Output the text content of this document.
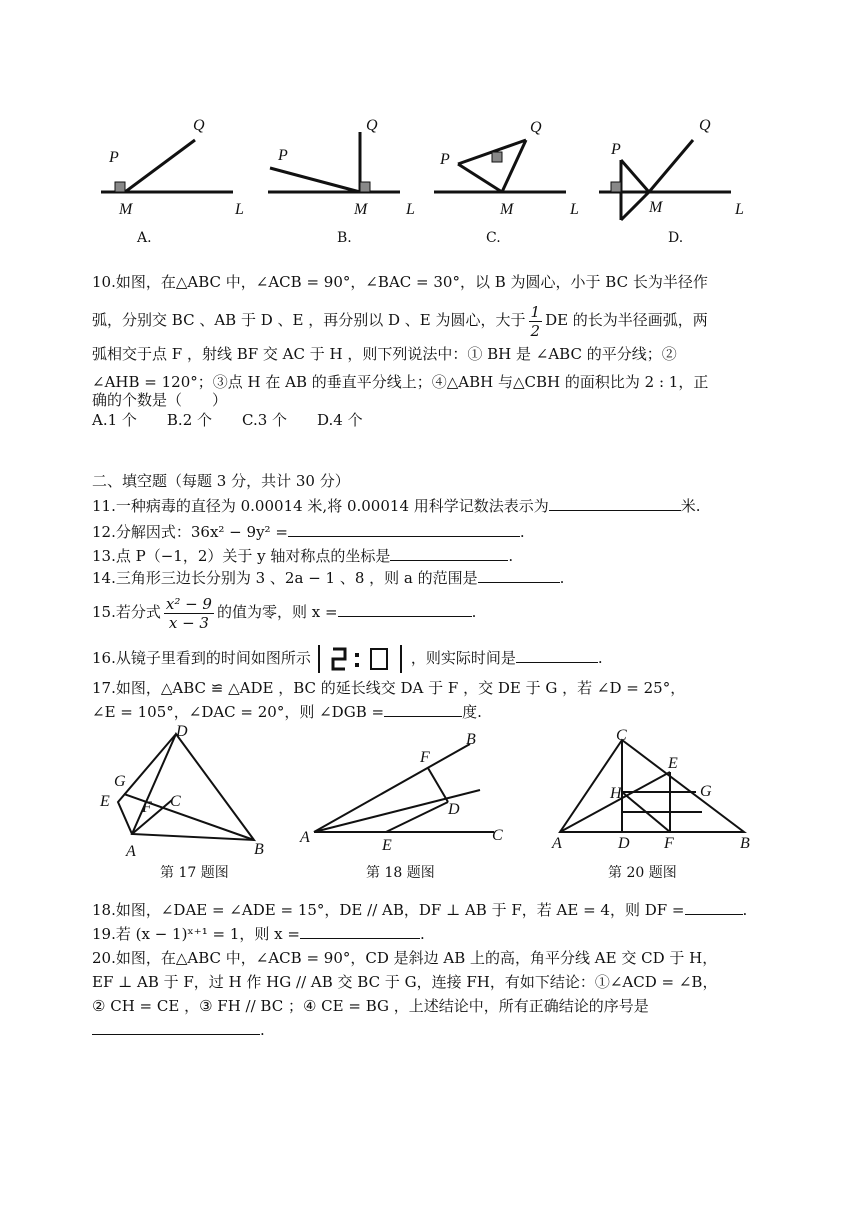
P
Q
M	L
A.
P
Q
M L
B.
P
Q
M	L
C.
P
Q
M	L
D.
10.如图，在△ABC 中，∠ACB = 90°，∠BAC = 30°，以 B 为圆心，小于 BC 长为半径作
弧，分别交 BC 、AB 于 D 、E ，再分别以 D 、E 为圆心，大于 $\frac{1}{2}$ DE 的长为半径画弧，两
弧相交于点 F ，射线 BF 交 AC 于 H ，则下列说法中：① BH 是 ∠ABC 的平分线；②
∠AHB = 120°；③点 H 在 AB 的垂直平分线上；④△ABH 与△CBH 的面积比为 2 : 1，正
确的个数是（　　）
A.1 个　　B.2 个　　C.3 个　　D.4 个
二、填空题（每题 3 分，共计 30 分）
11.一种病毒的直径为 0.00014 米,将 0.00014 用科学记数法表示为	米.
12.分解因式：36x² − 9y² =	.
13.点 P（−1，2）关于 y 轴对称点的坐标是	.
14.三角形三边长分别为 3 、2a − 1 、8 ，则 a 的范围是	.
15.若分式 $\frac{\text{x² − 9}}{x - 3}$ 的值为零，则 x =	.
16.从镜子里看到的时间如图所示	，则实际时间是	.
17.如图，△ABC ≌ △ADE ，BC 的延长线交 DA 于 F ，交 DE 于 G ，若 ∠D = 25°，
∠E = 105°，∠DAC = 20°，则 ∠DGB =	度.
D
G
E F C
A	B
第 17 题图
B
F
D
A	E
C
第 18 题图
C
E
H	G
A	D F	B
第 20 题图
18.如图，∠DAE = ∠ADE = 15°，DE // AB，DF ⊥ AB 于 F，若 AE = 4，则 DF =	.
19.若 (x − 1)ˣ⁺¹ = 1，则 x =	.
20.如图，在△ABC 中，∠ACB = 90°，CD 是斜边 AB 上的高，角平分线 AE 交 CD 于 H，
EF ⊥ AB 于 F，过 H 作 HG // AB 交 BC 于 G，连接 FH，有如下结论：①∠ACD = ∠B，
② CH = CE ，③ FH // BC ；④ CE = BG ，上述结论中，所有正确结论的序号是
.
